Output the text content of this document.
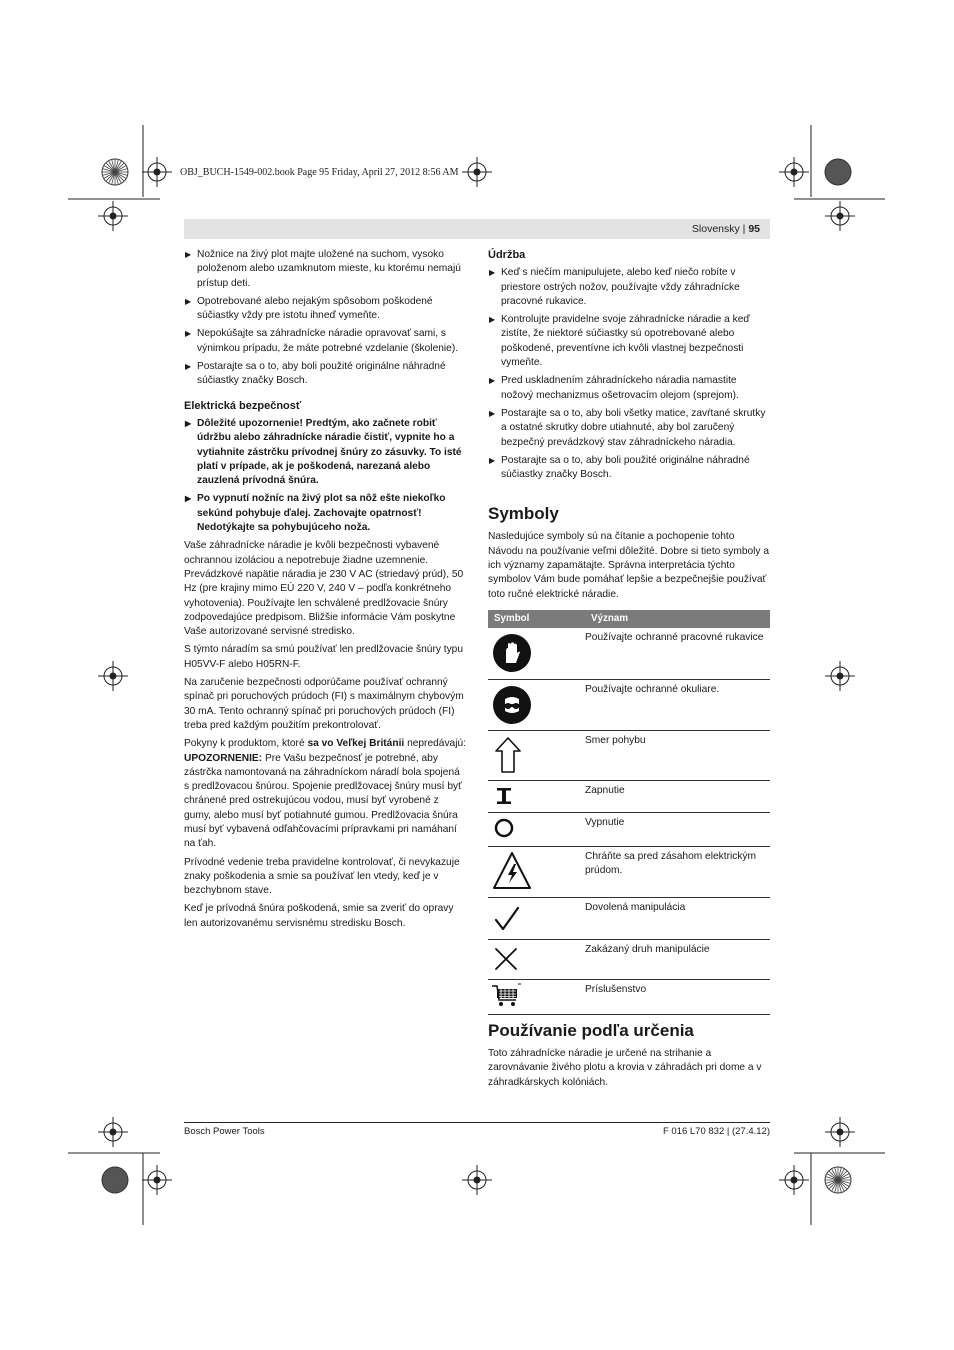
OBJ_BUCH-1549-002.book Page 95 Friday, April 27, 2012 8:56 AM
Slovensky | 95
▶ Nožnice na živý plot majte uložené na suchom, vysoko položenom alebo uzamknutom mieste, ku ktorému nemajú prístup deti.
▶ Opotrebované alebo nejakým spôsobom poškodené súčiastky vždy pre istotu ihneď vymeňte.
▶ Nepokúšajte sa záhradnícke náradie opravovať sami, s výnimkou prípadu, že máte potrebné vzdelanie (školenie).
▶ Postarajte sa o to, aby boli použité originálne náhradné súčiastky značky Bosch.
Elektrická bezpečnosť
▶ Dôležité upozornenie! Predtým, ako začnete robiť údržbu alebo záhradnícke náradie čistiť, vypnite ho a vytiahnite zástrčku prívodnej šnúry zo zásuvky. To isté platí v prípade, ak je poškodená, narezaná alebo zauzlená prívodná šnúra.
▶ Po vypnutí nožníc na živý plot sa nôž ešte niekoľko sekúnd pohybuje ďalej. Zachovajte opatrnosť! Nedotýkajte sa pohybujúceho noža.

Vaše záhradnícke náradie je kvôli bezpečnosti vybavené ochrannou izoláciou a nepotrebuje žiadne uzemnenie. Prevádzkové napätie náradia je 230 V AC (striedavý prúd), 50 Hz (pre krajiny mimo EÚ 220 V, 240 V – podľa konkrétneho vyhotovenia). Používajte len schválené predlžovacie šnúry zodpovedajúce predpisom. Bližšie informácie Vám poskytne Vaše autorizované servisné stredisko.

S týmto náradím sa smú používať len predlžovacie šnúry typu H05VV-F alebo H05RN-F.

Na zaručenie bezpečnosti odporúčame používať ochranný spínač pri poruchových prúdoch (FI) s maximálnym chybovým 30 mA. Tento ochranný spínač pri poruchových prúdoch (FI) treba pred každým použitím prekontrolovať.

Pokyny k produktom, ktoré sa vo Veľkej Británii nepredávajú:

UPOZORNENIE: Pre Vašu bezpečnosť je potrebné, aby zástrčka namontovaná na záhradníckom náradí bola spojená s predlžovacou šnúrou. Spojenie predlžovacej šnúry musí byť chránené pred ostrekujúcou vodou, musí byť vyrobené z gumy, alebo musí byť potiahnuté gumou. Predlžovacia šnúra musí byť vybavená odľahčovacími prípravkami pri namáhaní na ťah.

Prívodné vedenie treba pravidelne kontrolovať, či nevykazuje znaky poškodenia a smie sa používať len vtedy, keď je v bezchybnom stave.

Keď je prívodná šnúra poškodená, smie sa zveriť do opravy len autorizovanému servisnému stredisku Bosch.

Údržba
▶ Keď s niečím manipulujete, alebo keď niečo robíte v priestore ostrých nožov, používajte vždy záhradnícke pracovné rukavice.
▶ Kontrolujte pravidelne svoje záhradnícke náradie a keď zistíte, že niektoré súčiastky sú opotrebované alebo poškodené, preventívne ich kvôli vlastnej bezpečnosti vymeňte.
▶ Pred uskladnením záhradníckeho náradia namastite nožový mechanizmus ošetrovacím olejom (sprejom).
▶ Postarajte sa o to, aby boli všetky matice, zavŕtané skrutky a ostatné skrutky dobre utiahnuté, aby bol zaručený bezpečný prevádzkový stav záhradníckeho náradia.
▶ Postarajte sa o to, aby boli použité originálne náhradné súčiastky značky Bosch.
Symboly

Nasledujúce symboly sú na čítanie a pochopenie tohto Návodu na používanie veľmi dôležité. Dobre si tieto symboly a ich významy zapamätajte. Správna interpretácia týchto symbolov Vám bude pomáhať lepšie a bezpečnejšie používať toto ručné elektrické náradie.

Symbol	Význam
	Používajte ochranné pracovné rukavice
	Používajte ochranné okuliare.
	Smer pohybu
	Zapnutie
	Vypnutie
	Chráňte sa pred zásahom elektrickým prúdom.
	Dovolená manipulácia
	Zakázaný druh manipulácie
	Príslušenstvo
Používanie podľa určenia

Toto záhradnícke náradie je určené na strihanie a zarovnávanie živého plotu a krovia v záhradách pri dome a v záhradkárskych kolóniách.

Bosch Power Tools	F 016 L70 832 | (27.4.12)
